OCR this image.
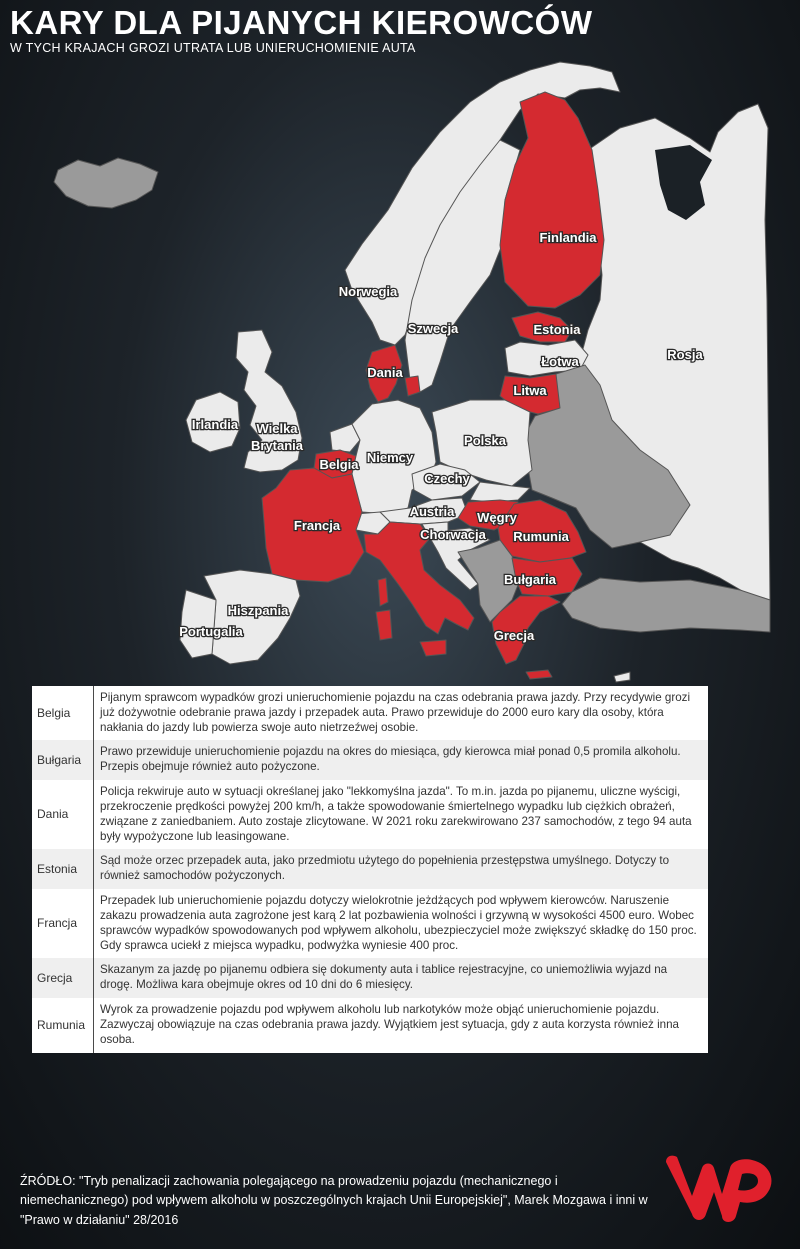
KARY DLA PIJANYCH KIEROWCÓW

W TYCH KRAJACH GROZI UTRATA LUB UNIERUCHOMIENIE AUTA

Finlandia
Norwegia
Szwecja	Estonia
Łotwa	Rosja
Dania
Litwa
Irlandia Wielka
Brytania	Polska
Niemcy
Belgia
Czechy
Francja
Austria Węgry
Chorwacja Rumunia
Bułgaria
Hiszpania
Portugalia	Grecja
Belgia	Pijanym sprawcom wypadków grozi unieruchomienie pojazdu na czas odebrania prawa jazdy. Przy recydywie grozi już dożywotnie odebranie prawa jazdy i przepadek auta. Prawo przewiduje do 2000 euro kary dla osoby, która nakłania do jazdy lub powierza swoje auto nietrzeźwej osobie.
Bułgaria	Prawo przewiduje unieruchomienie pojazdu na okres do miesiąca, gdy kierowca miał ponad 0,5 promila alkoholu. Przepis obejmuje również auto pożyczone.
Dania	Policja rekwiruje auto w sytuacji określanej jako "lekkomyślna jazda". To m.in. jazda po pijanemu, uliczne wyścigi, przekroczenie prędkości powyżej 200 km/h, a także spowodowanie śmiertelnego wypadku lub ciężkich obrażeń, związane z zaniedbaniem. Auto zostaje zlicytowane. W 2021 roku zarekwirowano 237 samochodów, z tego 94 auta były wypożyczone lub leasingowane.
Estonia	Sąd może orzec przepadek auta, jako przedmiotu użytego do popełnienia przestępstwa umyślnego. Dotyczy to również samochodów pożyczonych.
Francja	Przepadek lub unieruchomienie pojazdu dotyczy wielokrotnie jeżdżących pod wpływem kierowców. Naruszenie zakazu prowadzenia auta zagrożone jest karą 2 lat pozbawienia wolności i grzywną w wysokości 4500 euro. Wobec sprawców wypadków spowodowanych pod wpływem alkoholu, ubezpieczyciel może zwiększyć składkę do 150 proc. Gdy sprawca uciekł z miejsca wypadku, podwyżka wyniesie 400 proc.
Grecja	Skazanym za jazdę po pijanemu odbiera się dokumenty auta i tablice rejestracyjne, co uniemożliwia wyjazd na drogę. Możliwa kara obejmuje okres od 10 dni do 6 miesięcy.
Rumunia	Wyrok za prowadzenie pojazdu pod wpływem alkoholu lub narkotyków może objąć unieruchomienie pojazdu. Zazwyczaj obowiązuje na czas odebrania prawa jazdy. Wyjątkiem jest sytuacja, gdy z auta korzysta również inna osoba.

ŹRÓDŁO: "Tryb penalizacji zachowania polegającego na prowadzeniu pojazdu (mechanicznego i niemechanicznego) pod wpływem alkoholu w poszczególnych krajach Unii Europejskiej", Marek Mozgawa i inni w "Prawo w działaniu" 28/2016
